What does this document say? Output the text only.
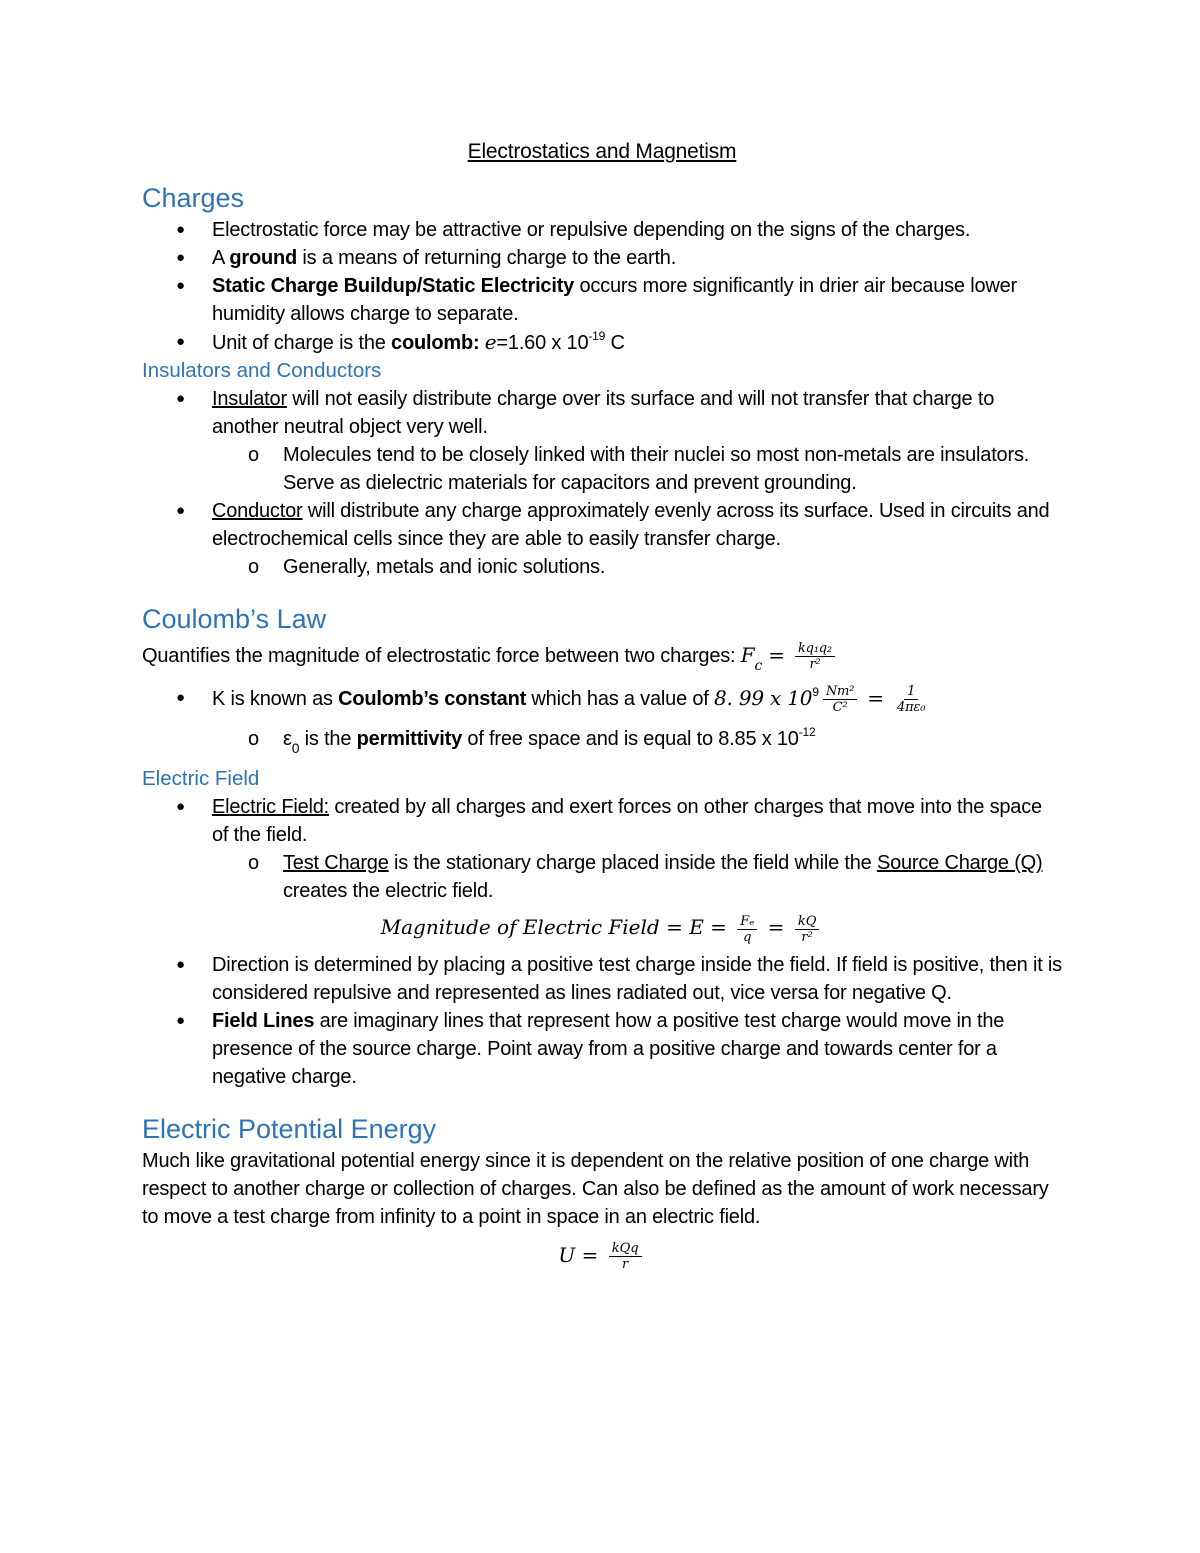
Electrostatics and Magnetism
Charges
● Electrostatic force may be attractive or repulsive depending on the signs of the charges.
● A ground is a means of returning charge to the earth.
● Static Charge Buildup/Static Electricity occurs more significantly in drier air because lower humidity allows charge to separate.
● Unit of charge is the coulomb: e=1.60 x $10^{-19}$ C
Insulators and Conductors
● Insulator will not easily distribute charge over its surface and will not transfer that charge to another neutral object very well.
o Molecules tend to be closely linked with their nuclei so most non-metals are insulators. Serve as dielectric materials for capacitors and prevent grounding.
● Conductor will distribute any charge approximately evenly across its surface. Used in circuits and electrochemical cells since they are able to easily transfer charge.
o Generally, metals and ionic solutions.
Coulomb’s Law
Quantifies the magnitude of electrostatic force between two charges: $F_c = \frac{\text{kq₁q₂}}{\text{r²}}$
● K is known as Coulomb’s constant which has a value of 8. 99 x $10^9 \frac{\text{Nm²}}{\text{C²}} = \frac{1}{\text{4πε₀}}$
o $\varepsilon_0$ is the permittivity of free space and is equal to 8.85 x $10^{-12}$
Electric Field
● Electric Field: created by all charges and exert forces on other charges that move into the space of the field.
o Test Charge is the stationary charge placed inside the field while the Source Charge (Q) creates the electric field.
Magnitude of Electric Field = $E = \frac{\text{Fₑ}}{q} = \frac{kQ}{\text{r²}}$
● Direction is determined by placing a positive test charge inside the field. If field is positive, then it is considered repulsive and represented as lines radiated out, vice versa for negative Q.
● Field Lines are imaginary lines that represent how a positive test charge would move in the presence of the source charge. Point away from a positive charge and towards center for a negative charge.
Electric Potential Energy
Much like gravitational potential energy since it is dependent on the relative position of one charge with respect to another charge or collection of charges. Can also be defined as the amount of work necessary to move a test charge from infinity to a point in space in an electric field.
$U = \frac{\text{kQq}}{r}$
